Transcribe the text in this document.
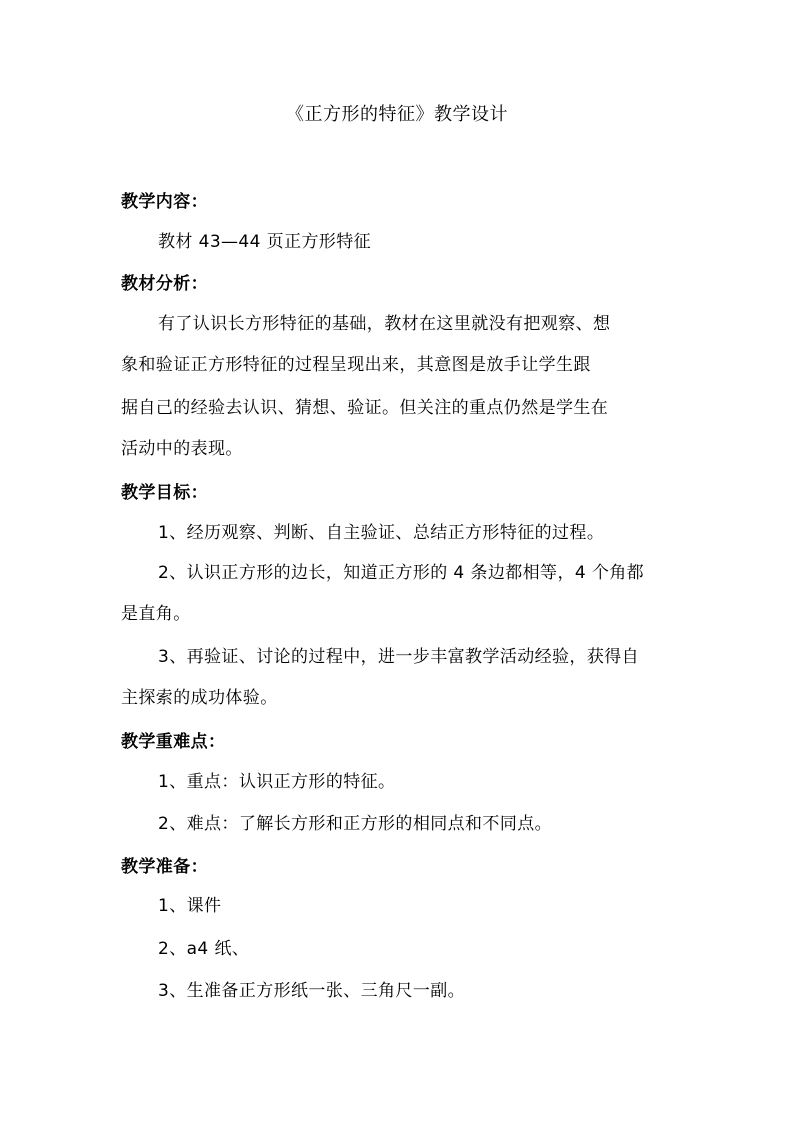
《正方形的特征》教学设计
教学内容：
教材 43—44 页正方形特征
教材分析：
有了认识长方形特征的基础，教材在这里就没有把观察、想
象和验证正方形特征的过程呈现出来，其意图是放手让学生跟
据自己的经验去认识、猜想、验证。但关注的重点仍然是学生在
活动中的表现。
教学目标：
1、经历观察、判断、自主验证、总结正方形特征的过程。
2、认识正方形的边长，知道正方形的 4 条边都相等，4 个角都
是直角。
3、再验证、讨论的过程中，进一步丰富教学活动经验，获得自
主探索的成功体验。
教学重难点：
1、重点：认识正方形的特征。
2、难点：了解长方形和正方形的相同点和不同点。
教学准备：
1、课件
2、a4 纸、
3、生准备正方形纸一张、三角尺一副。
